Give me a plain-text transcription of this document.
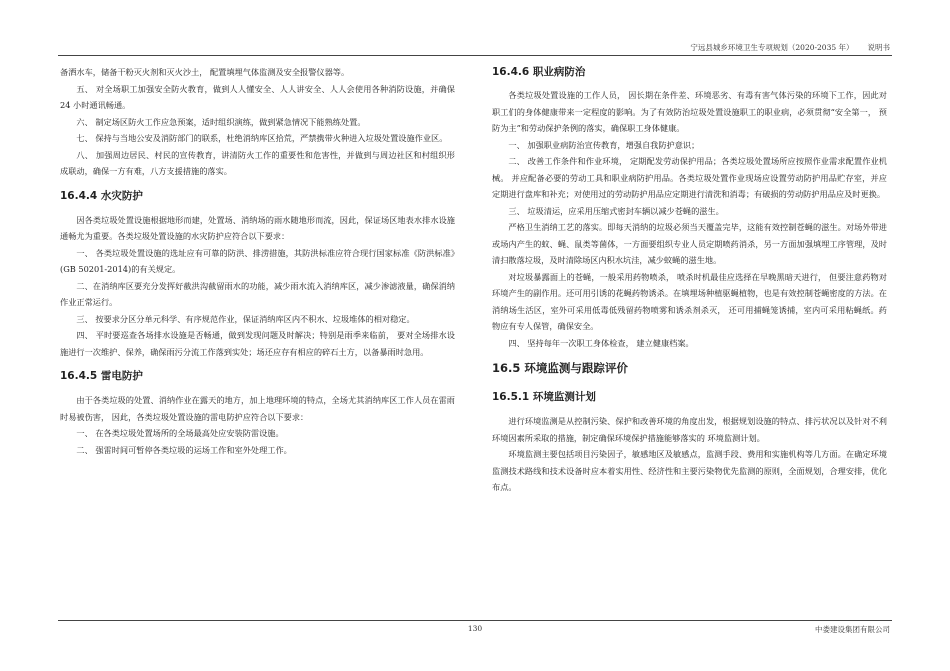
宁远县城乡环境卫生专项规划（2020-2035 年） 说明书

备洒水车，储备干粉灭火剂和灭火沙土， 配置填埋气体监测及安全报警仪器等。

五、 对全场职工加强安全防火教育，做到人人懂安全、人人讲安全、人人会使用各种消防设施，并确保 24 小时通讯畅通。

六、 制定场区防火工作应急预案，适时组织演练，做到紧急情况下能熟练处置。

七、 保持与当地公安及消防部门的联系，杜绝消纳库区拾荒，严禁携带火种进入垃圾处置设施作业区。

八、 加强周边居民、村民的宣传教育，讲清防火工作的重要性和危害性，并做到与周边社区和村组织形成联动，确保一方有难，八方支援措施的落实。

16.4.4 水灾防护

因各类垃圾处置设施根据地形而建，处置场、消纳场的雨水随地形而流，因此，保证场区地表水排水设施通畅尤为重要。各类垃圾处置设施的水灾防护应符合以下要求：

一、 各类垃圾处置设施的选址应有可靠的防洪、排涝措施，其防洪标准应符合现行国家标准《防洪标准》(GB 50201-2014)的有关规定。

二、在消纳库区要充分发挥好截洪沟截留雨水的功能，减少雨水流入消纳库区，减少渗滤液量，确保消纳作业正常运行。

三、 按要求分区分单元科学、有序规范作业，保证消纳库区内不积水、垃圾堆体的相对稳定。

四、 平时要巡查各场排水设施是否畅通，做到发现问题及时解决；特别是雨季来临前， 要对全场排水设施进行一次维护、保养，确保雨污分流工作落到实处；场还应存有相应的碎石土方，以备暴雨时急用。

16.4.5 雷电防护

由于各类垃圾的处置、消纳作业在露天的地方，加上地理环境的特点，全场尤其消纳库区工作人员在雷雨时易被伤害， 因此，各类垃圾处置设施的雷电防护应符合以下要求：

一、 在各类垃圾处置场所的全场最高处应安装防雷设施。

二、 强雷时间可暂停各类垃圾的运场工作和室外处理工作。

16.4.6 职业病防治

各类垃圾处置设施的工作人员， 因长期在条件差、环境恶劣、有毒有害气体污染的环境下工作，因此对职工们的身体健康带来一定程度的影响。为了有效防治垃圾处置设施职工的职业病，必须贯彻“安全第一， 预防为主”和劳动保护条例的落实，确保职工身体健康。

一、 加强职业病防治宣传教育，增强自我防护意识；

二、 改善工作条件和作业环境， 定期配发劳动保护用品；各类垃圾处置场所应按照作业需求配置作业机械。 并应配备必要的劳动工具和职业病防护用品。各类垃圾处置作业现场应设置劳动防护用品贮存室，并应定期进行盘库和补充；对使用过的劳动防护用品应定期进行清洗和消毒；有破损的劳动防护用品应及时更换。

三、 垃圾清运，应采用压缩式密封车辆以减少苍蝇的滋生。

严格卫生消纳工艺的落实。即每天消纳的垃圾必须当天覆盖完毕，这能有效控制苍蝇的滋生。对场外带进或场内产生的蚊、蝇、鼠类等菌体，一方面要组织专业人员定期喷药消杀，另一方面加强填埋工序管理，及时清扫散落垃圾，及时清除场区内积水坑洼，减少蚊蝇的滋生地。

对垃圾暴露面上的苍蝇，一般采用药物喷杀， 喷杀时机最佳应选择在早晚黑暗天进行， 但要注意药物对环境产生的副作用。还可用引诱的花蝇药物诱杀。在填埋场种植驱蝇植物，也是有效控制苍蝇密度的方法。在消纳场生活区，室外可采用低毒低残留药物喷雾和诱杀剂杀灭， 还可用捕蝇笼诱捕，室内可采用粘蝇纸。药物应有专人保管，确保安全。

四、 坚持每年一次职工身体检查， 建立健康档案。

16.5 环境监测与跟踪评价
16.5.1 环境监测计划

进行环境监测是从控制污染、保护和改善环境的角度出发，根据规划设施的特点、排污状况以及针对不利环境因素所采取的措施，制定确保环境保护措施能够落实的 环境监测计划。

环境监测主要包括项目污染因子，敏感地区及敏感点，监测手段、费用和实施机构等几方面。在确定环境监测技术路线和技术设备时应本着实用性、经济性和主要污染物优先监测的原则，全面规划，合理安排，优化布点。

130	中娄建设集团有限公司
